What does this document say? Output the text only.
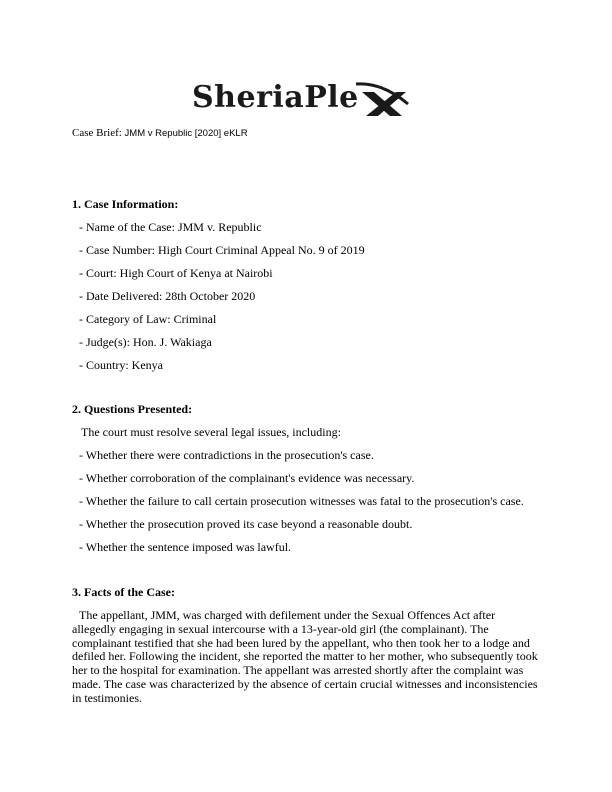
SheriaPle
Case Brief: JMM v Republic [2020] eKLR
1. Case Information:
- Name of the Case: JMM v. Republic
- Case Number: High Court Criminal Appeal No. 9 of 2019
- Court: High Court of Kenya at Nairobi
- Date Delivered: 28th October 2020
- Category of Law: Criminal
- Judge(s): Hon. J. Wakiaga
- Country: Kenya
2. Questions Presented:
The court must resolve several legal issues, including:
- Whether there were contradictions in the prosecution's case.
- Whether corroboration of the complainant's evidence was necessary.
- Whether the failure to call certain prosecution witnesses was fatal to the prosecution's case.
- Whether the prosecution proved its case beyond a reasonable doubt.
- Whether the sentence imposed was lawful.
3. Facts of the Case:
The appellant, JMM, was charged with defilement under the Sexual Offences Act after allegedly engaging in sexual intercourse with a 13-year-old girl (the complainant). The complainant testified that she had been lured by the appellant, who then took her to a lodge and defiled her. Following the incident, she reported the matter to her mother, who subsequently took her to the hospital for examination. The appellant was arrested shortly after the complaint was made. The case was characterized by the absence of certain crucial witnesses and inconsistencies in testimonies.
